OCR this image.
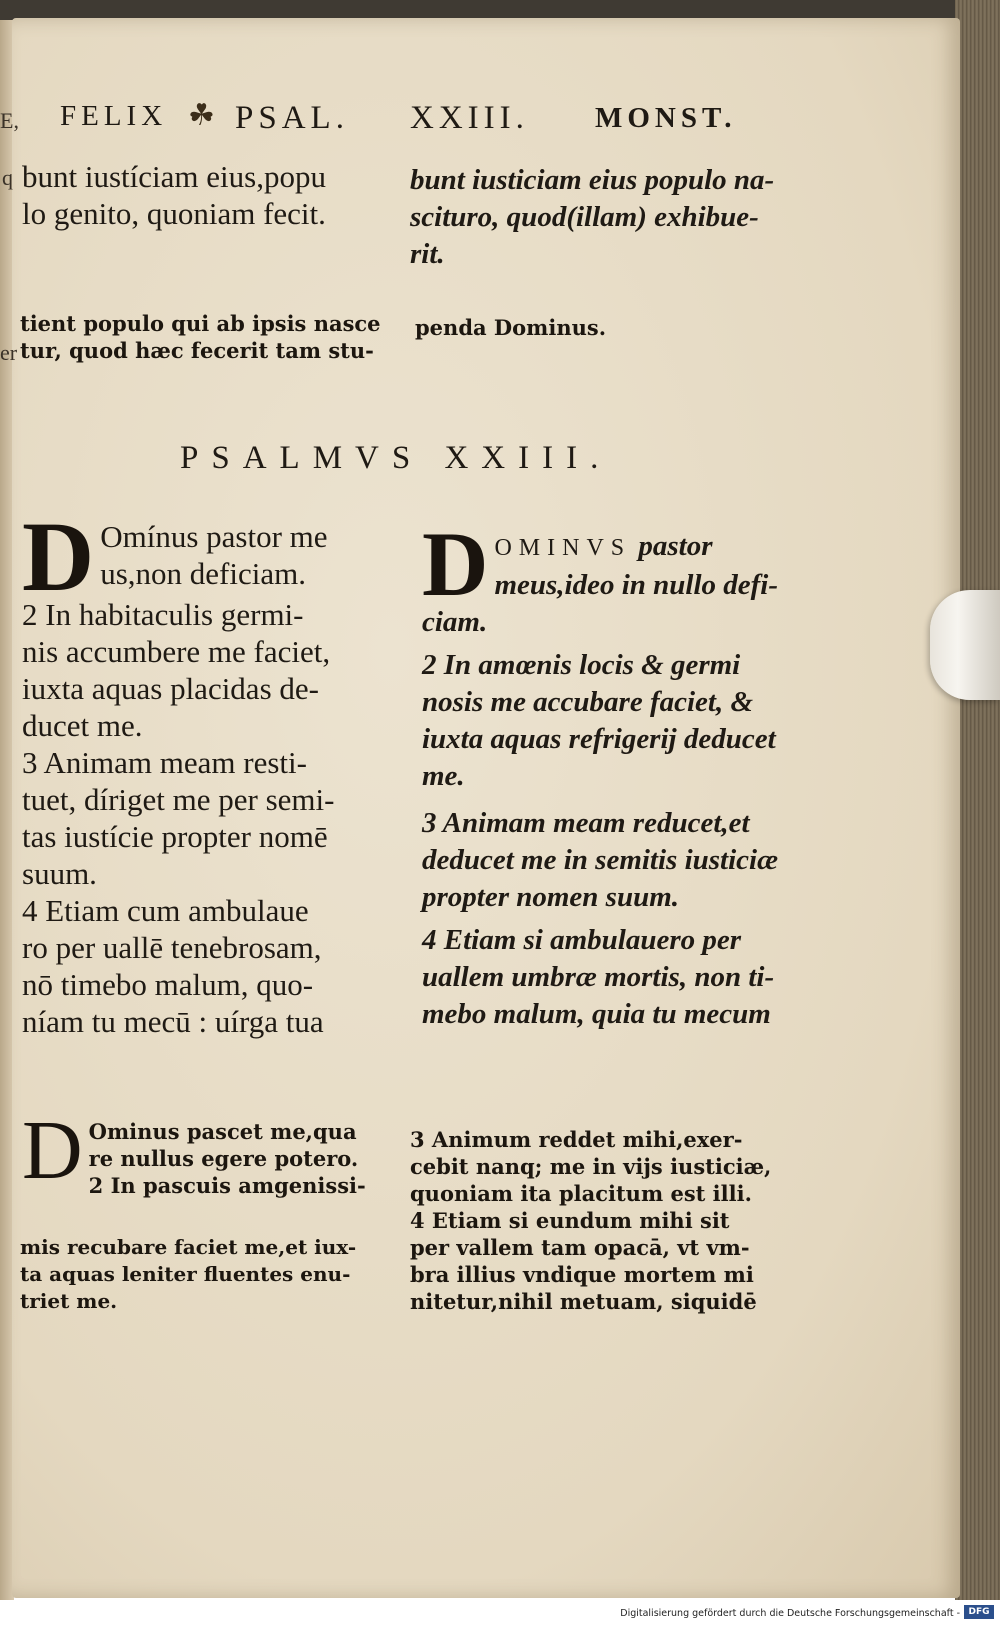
E,
q
er
FELIX ☘ PSAL. XXIII. MONST.
bunt iustíciam eius,popu
lo genito, quoniam fecit.
bunt iusticiam eius populo na-
sciturο, quod(illam) exhibue-
rit.
tient populo qui ab ipsis nasce
tur, quod hæc fecerit tam stu-
penda Dominus.
PSALMVS XXIII.
D Omínus pastor me
us,non deficiam.
2 In habitaculis germi-
nis accumbere me faciet,
iuxta aquas placidas de-
ducet me.
3 Animam meam resti-
tuet, díriget me per semi-
tas iustície propter nomē
suum.
4 Etiam cum ambulaue
ro per uallē tenebrosam,
nō timebo malum, quo-
níam tu mecū : uírga tua
D OMINVS pastor
meus,ideo in nullo defi-
ciam.
2 In amœnis locis & germi
nosis me accubare faciet, &
iuxta aquas refrigerij deducet
me.
3 Animam meam reducet,et
deducet me in semitis iusticiæ
propter nomen suum.
4 Etiam si ambulauero per
uallem umbræ mortis, non ti-
mebo malum, quia tu mecum
D Ominus pascet me,qua
re nullus egere potero.
2 In pascuis amgenissi-
mis recubare faciet me,et iux-
ta aquas leniter fluentes enu-
triet me.
3 Animum reddet mihi,exer-
cebit nanq; me in vijs iusticiæ,
quoniam ita placitum est illi.
4 Etiam si eundum mihi sit
per vallem tam opacā, vt vm-
bra illius vndique mortem mi
nitetur,nihil metuam, siquidē
Digitalisierung gefördert durch die Deutsche Forschungsgemeinschaft - DFG
